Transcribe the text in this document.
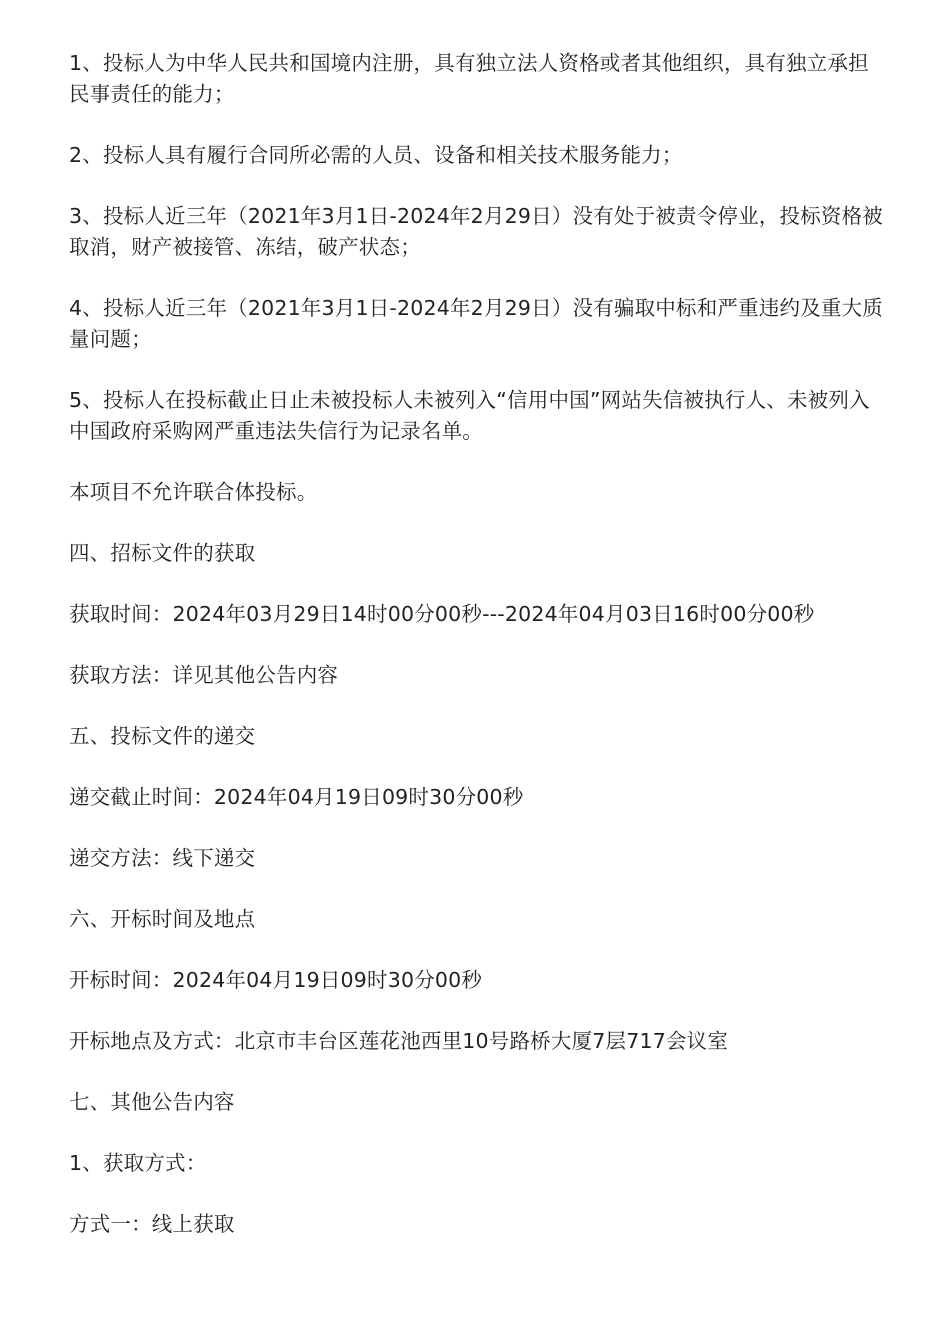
1、投标人为中华人民共和国境内注册，具有独立法人资格或者其他组织，具有独立承担民事责任的能力；

2、投标人具有履行合同所必需的人员、设备和相关技术服务能力；

3、投标人近三年（2021年3月1日-2024年2月29日）没有处于被责令停业，投标资格被取消，财产被接管、冻结，破产状态；

4、投标人近三年（2021年3月1日-2024年2月29日）没有骗取中标和严重违约及重大质量问题；

5、投标人在投标截止日止未被投标人未被列入“信用中国”网站失信被执行人、未被列入中国政府采购网严重违法失信行为记录名单。

本项目不允许联合体投标。

四、招标文件的获取

获取时间：2024年03月29日14时00分00秒---2024年04月03日16时00分00秒

获取方法：详见其他公告内容

五、投标文件的递交

递交截止时间：2024年04月19日09时30分00秒

递交方法：线下递交

六、开标时间及地点

开标时间：2024年04月19日09时30分00秒

开标地点及方式：北京市丰台区莲花池西里10号路桥大厦7层717会议室

七、其他公告内容

1、获取方式：

方式一：线上获取
